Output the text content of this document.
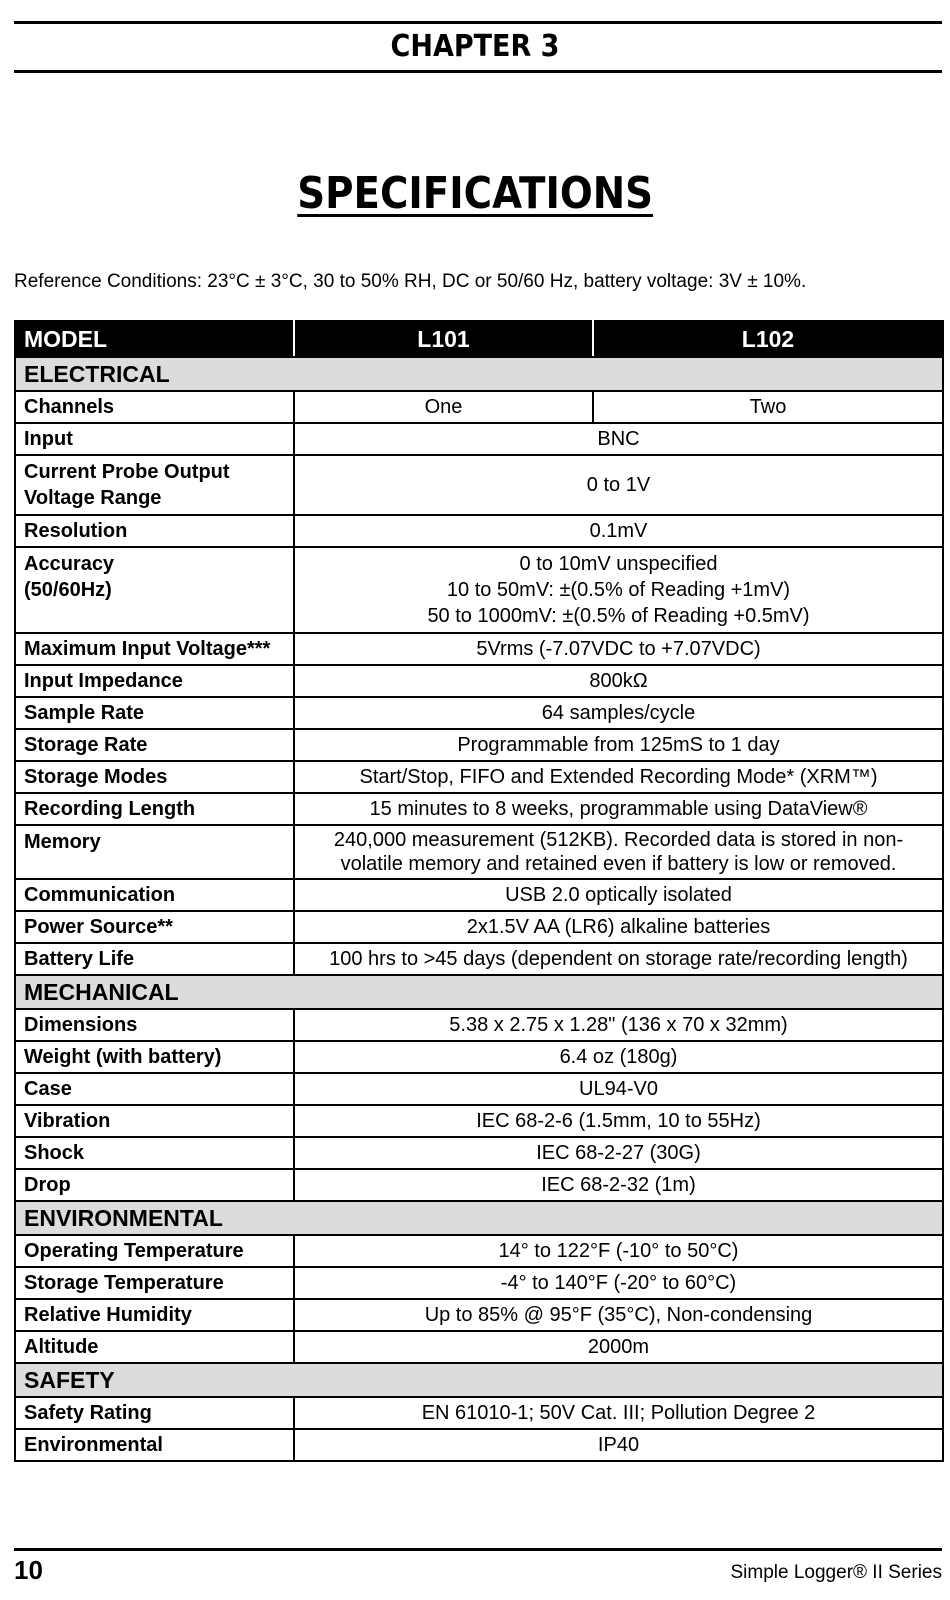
CHAPTER 3
SPECIFICATIONS
Reference Conditions: 23°C ± 3°C, 30 to 50% RH, DC or 50/60 Hz, battery voltage: 3V ± 10%.
MODEL	L101	L102
ELECTRICAL		
Channels	One	Two
Input	BNC	

Current Probe Output
Voltage Range	0 to 1V	
Resolution	0.1mV	

Accuracy
(50/60Hz)	0 to 10mV unspecified
10 to 50mV: ±(0.5% of Reading +1mV)
50 to 1000mV: ±(0.5% of Reading +0.5mV)	

Maximum Input Voltage***	5Vrms (-7.07VDC to +7.07VDC)	
Input Impedance	800kΩ	
Sample Rate	64 samples/cycle	
Storage Rate	Programmable from 125mS to 1 day	
Storage Modes	Start/Stop, FIFO and Extended Recording Mode* (XRM™)	
Recording Length	15 minutes to 8 weeks, programmable using DataView®	
Memory	240,000 measurement (512KB). Recorded data is stored in non-
volatile memory and retained even if battery is low or removed.	

Communication	USB 2.0 optically isolated	
Power Source**	2x1.5V AA (LR6) alkaline batteries	
Battery Life	100 hrs to >45 days (dependent on storage rate/recording length)	
MECHANICAL		
Dimensions	5.38 x 2.75 x 1.28" (136 x 70 x 32mm)	
Weight (with battery)	6.4 oz (180g)	
Case	UL94-V0	
Vibration	IEC 68-2-6 (1.5mm, 10 to 55Hz)	
Shock	IEC 68-2-27 (30G)	
Drop	IEC 68-2-32 (1m)	
ENVIRONMENTAL		
Operating Temperature	14° to 122°F (-10° to 50°C)	
Storage Temperature	-4° to 140°F (-20° to 60°C)	
Relative Humidity	Up to 85% @ 95°F (35°C), Non-condensing	
Altitude	2000m	
SAFETY		
Safety Rating	EN 61010-1; 50V Cat. III; Pollution Degree 2	
Environmental	IP40	
10	Simple Logger® II Series
